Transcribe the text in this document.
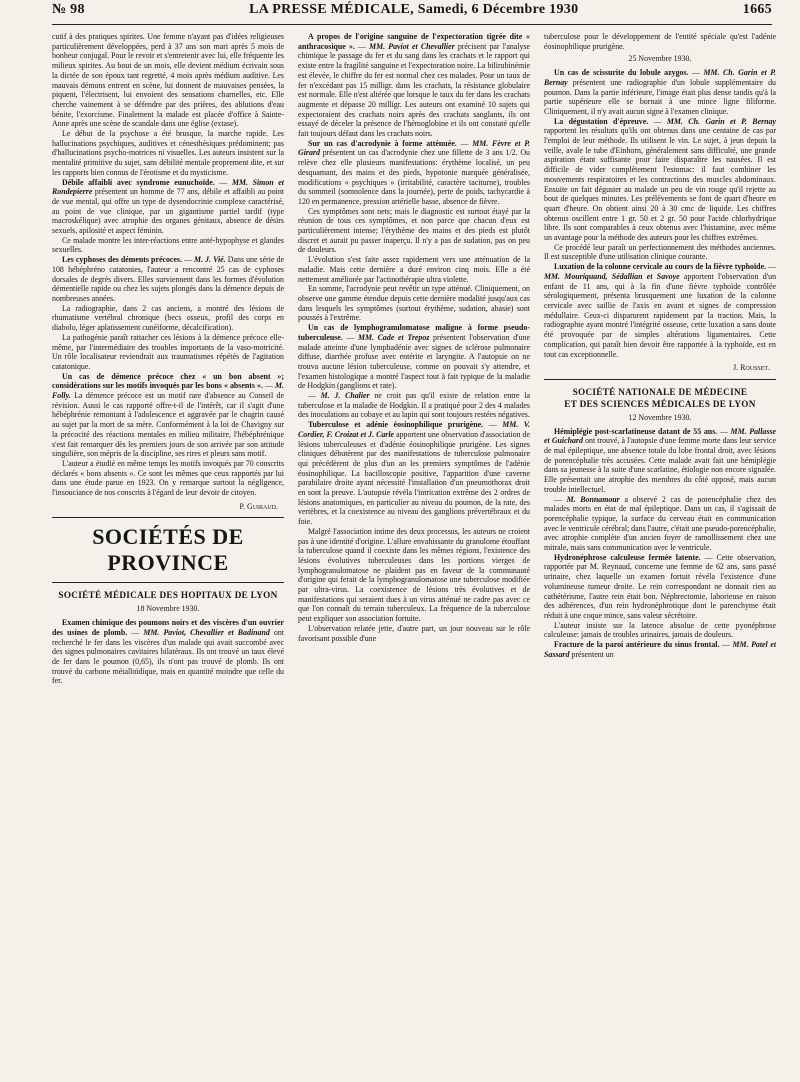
№ 98	LA PRESSE MÉDICALE, Samedi, 6 Décembre 1930	1665

cutif à des pratiques spirites. Une femme n'ayant pas d'idées religieuses particulièrement développées, perd à 37 ans son mari après 5 mois de bonheur conjugal. Pour le revoir et s'entretenir avec lui, elle fréquente les milieux spirites. Au bout de un mois, elle devient médium écrivain sous la dictée de son époux tant regretté, 4 mois après médium auditive. Les mauvais démons entrent en scène, lui donnent de mauvaises pensées, la piquent, l'électrisent, lui envoient des sensations charnelles, etc. Elle cherche vainement à se défendre par des prières, des ablutions d'eau bénite, l'exorcisme. Finalement la malade est placée d'office à Sainte-Anne après une scène de scandale dans une église (extase).

Le début de la psychose a été brusque, la marche rapide. Les hallucinations psychiques, auditives et cénesthésiques prédominent; pas d'hallucinations psycho-motrices ni visuelles. Les auteurs insistent sur la mentalité primitive du sujet, sans débilité mentale proprement dite, et sur les rapports bien connus de l'érotisme et du mysticisme.

Débile affaibli avec syndrome eunuchoïde. — MM. Simon et Rondepierre présentent un homme de 77 ans, débile et affaibli au point de vue mental, qui offre un type de dysendocrinie complexe caractérisé, au point de vue clinique, par un gigantisme partiel tardif (type macroskélique) avec atrophie des organes génitaux, absence de désirs sexuels, apilosité et aspect féminin.

Ce malade montre les inter-réactions entre anté-hypophyse et glandes sexuelles.

Les cyphoses des déments précoces. — M. J. Vié. Dans une série de 108 hébéphréno catatonies, l'auteur a rencontré 25 cas de cyphoses dorsales de degrés divers. Elles surviennent dans les formes d'évolution démentielle rapide ou chez les sujets plongés dans la démence depuis de nombreuses années.

La radiographie, dans 2 cas anciens, a montré des lésions de rhumatisme vertébral chronique (becs osseux, profil des corps en diabolo, léger aplatissement cunéiforme, décalcification).

La pathogénie paraît rattacher ces lésions à la démence précoce elle-même, par l'intermédiaire des troubles importants de la vaso-motricité. Un rôle localisateur reviendrait aux traumatismes répétés de l'agitation catatonique.

Un cas de démence précoce chez « un bon absent »; considérations sur les motifs invoqués par les bons « absents ». — M. Folly. La démence précoce est un motif rare d'absence au Conseil de révision. Aussi le cas rapporté offre-t-il de l'intérêt, car il s'agit d'une hébéphrénie remontant à l'adolescence et aggravée par le chagrin causé au sujet par la mort de sa mère. Conformément à la loi de Chavigny sur la précocité des réactions mentales en milieu militaire, l'hébéphrénique s'est fait remarquer dès les premiers jours de son arrivée par son attitude singulière, son mépris de la discipline, ses rires et pleurs sans motif.

L'auteur a étudié en même temps les motifs invoqués par 70 conscrits déclarés « bons absents ». Ce sont les mêmes que ceux rapportés par lui dans une étude parue en 1923. On y remarque surtout la négligence, l'insouciance de nos conscrits à l'égard de leur devoir de citoyen.

P. Guiraud.
SOCIÉTÉS DE PROVINCE
SOCIÉTÉ MÉDICALE DES HOPITAUX DE LYON
18 Novembre 1930.

Examen chimique des poumons noirs et des viscères d'un ouvrier des usines de plomb. — MM. Paviot, Chevallier et Badinand ont recherché le fer dans les viscères d'un malade qui avait succombé avec des signes pulmonaires cavitaires bilatéraux. Ils ont trouvé un taux élevé de fer dans le poumon (0,65), ils n'ont pas trouvé de plomb. Ils ont trouvé du carbone métalloïdique, mais en quantité moindre que celle du fer.

A propos de l'origine sanguine de l'expectoration tigrée dite « anthracosique ». — MM. Paviot et Chevallier précisent par l'analyse chimique le passage du fer et du sang dans les crachats et le rapport qui existe entre la fragilité sanguine et l'expectoration noire. La bilirubinémie est élevée, le chiffre du fer est normal chez ces malades. Pour un taux de fer n'excédant pas 15 milligr. dans les crachats, la résistance globulaire est normale. Elle n'est altérée que lorsque le taux du fer dans les crachats augmente et dépasse 20 milligr. Les auteurs ont examiné 10 sujets qui expectoraient des crachats noirs après des crachats sanglants, ils ont essayé de déceler la présence de l'hémoglobine et ils ont constaté qu'elle fait toujours défaut dans les crachats noirs.

Sur un cas d'acrodynie à forme atténuée. — MM. Fèvre et P. Girard présentent un cas d'acrodynie chez une fillette de 3 ans 1/2. Ou relève chez elle plusieurs manifestations: érythème localisé, un peu desquamant, des mains et des pieds, hypotonie marquée généralisée, modifications « psychiques » (irritabilité, caractère taciturne), troubles du sommeil (somnolence dans la journée), perte de poids, tachycardie à 120 en permanence, pression artérielle basse, absence de fièvre.

Ces symptômes sont nets; mais le diagnostic est surtout étayé par la réunion de tous ces symptômes, et non parce que chacun d'eux est particulièrement intense; l'érythème des mains et des pieds est plutôt discret et aurait pu passer inaperçu. Il n'y a pas de sudation, pas on peu de douleurs.

L'évolution s'est faite assez rapidement vers une atténuation de la maladie. Mais cette dernière a duré environ cinq mois. Elle a été nettement améliorée par l'actinothérapie ultra violette.

En somme, l'acrodynie peut revêtir un type atténué. Cliniquement, on observe une gamme étendue depuis cette dernière modalité jusqu'aux cas dans lesquels les symptômes (surtout érythème, sudation, abasie) sont poussés à l'extrême.

Un cas de lymphogranulomatose maligne à forme pseudo-tuberculeuse. — MM. Cade et Trepoz présentent l'observation d'une malade atteinte d'une lymphadénie avec signes de sclérose pulmonaire diffuse, diarrhée profuse avec entérite et laryngite. A l'autopsie on ne trouva aucune lésion tuberculeuse, comme on pouvait s'y attendre, et l'examen histologique a montré l'aspect tout à fait typique de la maladie de Hodgkin (ganglions et rate).

— M. J. Chalier ne croit pas qu'il existe de relation entre la tuberculose et la maladie de Hodgkin. Il a pratiqué pour 2 des 4 malades des inoculations au cobaye et au lapin qui sont toujours restées négatives.

Tuberculose et adénie éosinophilique prurigène. — MM. V. Cordier, F. Croizat et J. Carle apportent une observation d'association de lésions tuberculeuses et d'adénie éosinophilique prurigène. Les signes cliniques débutèrent par des manifestations de tuberculose pulmonaire qui précédèrent de plus d'un an les premiers symptômes de l'adénie éosinophilique. La bacilloscopie positive, l'apparition d'une caverne parahilaire droite ayant nécessité l'installation d'un pneumothorax droit en sont la preuve. L'autopsie révéla l'intrication extrême des 2 ordres de lésions anatomiques, en particulier au niveau du poumon, de la rate, des vertèbres, et la coexistence au niveau des ganglions prévertébraux et du foie.

Malgré l'association intime des deux processus, les auteurs ne croient pas à une identité d'origine. L'allure envahissante du granulome étouffant la tuberculose quand il coexiste dans les mêmes régions, l'existence des lésions évolutives tuberculeuses dans les portions vierges de lymphogranulomatose ne plaident pas en faveur de la communauté d'origine qui ferait de la lymphogranulomatose une tuberculose modifiée par ultra-virus. La coexistence de lésions très évolutives et de manifestations qui seraient dues à un virus atténué ne cadre pas avec ce que l'on connaît du terrain tuberculeux. La fréquence de la tuberculose peut expliquer son association fortuite.

L'observation relatée jette, d'autre part, un jour nouveau sur le rôle favorisant possible d'une

tuberculose pour le développement de l'entité spéciale qu'est l'adénie éosinophilique prurigène.

25 Novembre 1930.

Un cas de scissurite du lobule azygos. — MM. Ch. Garin et P. Bernay présentent une radiographie d'un lobule supplémentaire du poumon. Dans la partie inférieure, l'image était plus dense tandis qu'à la partie supérieure elle se bornait à une mince ligne filiforme. Cliniquement, il n'y avait aucun signe à l'examen clinique.

La dégustation d'épreuve. — MM. Ch. Garin et P. Bernay rapportent les résultats qu'ils ont obtenus dans une centaine de cas par l'emploi de leur méthode. Ils utilisent le vin. Le sujet, à jeun depuis la veille, avale le tube d'Einhorn, généralement sans difficulté, une grande aspiration étant suffisante pour faire disparaître les nausées. Il est difficile de vider complètement l'estomac: il faut combiner les mouvements respiratoires et les contractions des muscles abdominaux. Ensuite on fait déguster au malade un peu de vin rouge qu'il rejette au bout de quelques minutes. Les prélèvements se font de quart d'heure en quart d'heure. On obtient ainsi 20 à 30 cmc de liquide. Les chiffres obtenus oscillent entre 1 gr. 50 et 2 gr. 50 pour l'acide chlorhydrique libre. Ils sont comparables à ceux obtenus avec l'histamine, avec même un avantage pour la méthode des auteurs pour les chiffres extrêmes.

Ce procédé leur paraît un perfectionnement des méthodes anciennes. Il est susceptible d'une utilisation clinique courante.

Luxation de la colonne cervicale au cours de la fièvre typhoïde. — MM. Mouriquand, Sédallian et Savoye apportent l'observation d'un enfant de 11 ans, qui à la fin d'une fièvre typhoïde contrôlée sérologiquement, présenta brusquement une luxation de la colonne cervicale avec saillie de l'axis en avant et signes de compression médullaire. Ceux-ci disparurent rapidement par la traction. Mais, la radiographie ayant montré l'intégrité osseuse, cette luxation a sans doute été provoquée par de simples altérations ligamentaires. Cette complication, qui paraît bien devoir être rapportée à la typhoïde, est en tout cas exceptionnelle.

J. Rousset.
SOCIÉTÉ NATIONALE DE MÉDECINE
ET DES SCIENCES MÉDICALES DE LYON
12 Novembre 1930.

Hémiplégie post-scarlatineuse datant de 55 ans. — MM. Pallasse et Guichard ont trouvé, à l'autopsie d'une femme morte dans leur service de mal épileptique, une absence totale du lobe frontal droit, avec lésions de porencéphalie très accusées. Cette malade avait fait une hémiplégie dans sa jeunesse à la suite d'une scarlatine, étiologie non encore signalée. Elle présentait une atrophie des membres du côté opposé, mais aucun trouble intellectuel.

— M. Bonnamour a observé 2 cas de porencéphalie chez des malades morts en état de mal épileptique. Dans un cas, il s'agissait de porencéphalie typique, la surface du cerveau était en communication avec le ventricule cérébral; dans l'autre, c'était une pseudo-porencéphalie, avec atrophie complète d'un ancien foyer de ramollissement chez une mitrale, mais sans communication avec le ventricule.

Hydronéphrose calculeuse fermée latente. — Cette observation, rapportée par M. Reynaud, concerne une femme de 62 ans, sans passé urinaire, chez laquelle un examen fortuit révéla l'existence d'une volumineuse tumeur droite. Le rein correspondant ne donnait rien au cathétérisme, l'autre rein était bon. Néphrectomie, laborieuse en raison des adhérences, d'un rein hydronéphrotique dont le parenchyme était réduit à une coque mince, sans valeur sécrétoire.

L'auteur insiste sur la latence absolue de cette pyonéphrose calculeuse: jamais de troubles urinaires, jamais de douleurs.

Fracture de la paroi antérieure du sinus frontal. — MM. Patel et Sassard présentent un
